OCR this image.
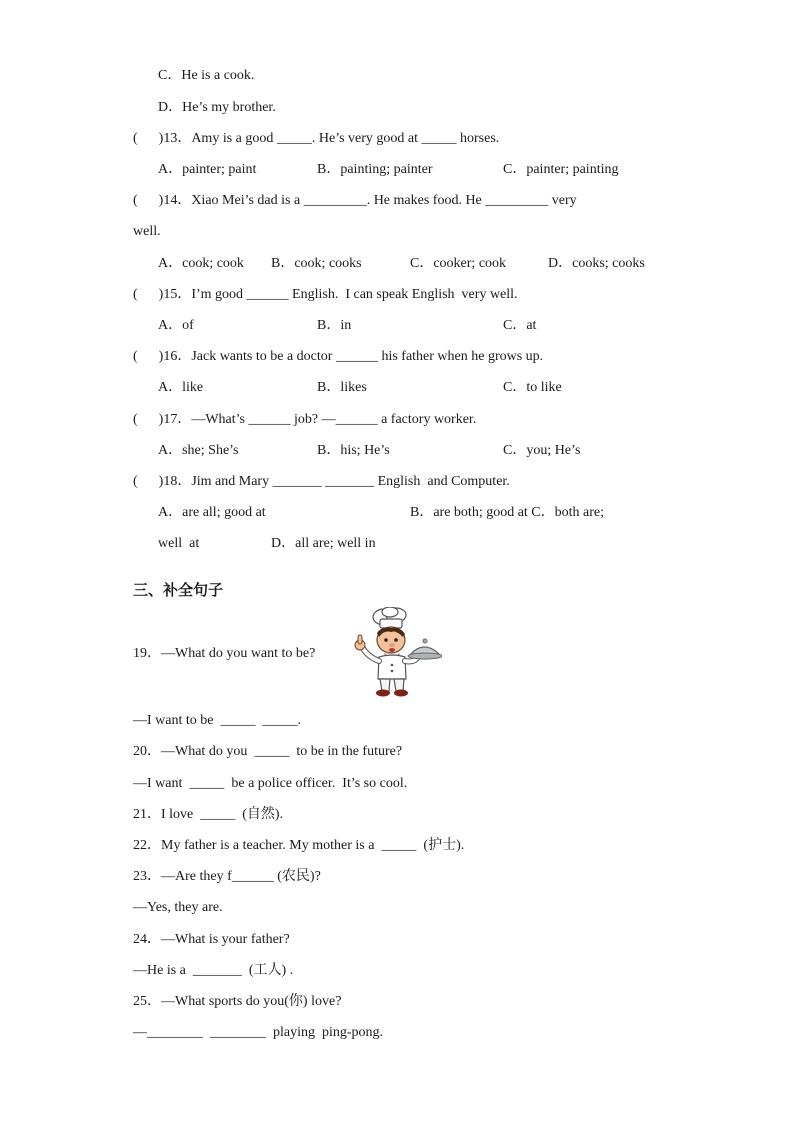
C．He is a cook.
D．He’s my brother.
(      )13．Amy is a good _____. He’s very good at _____ horses.
A．painter; paint	B．painting; painter	C．painter; painting
(      )14．Xiao Mei’s dad is a _________. He makes food. He _________ very
well.
A．cook; cook B．cook; cooks	C．cooker; cook	D．cooks; cooks
(      )15．I’m good ______ English.  I can speak English  very well.
A．of	B．in	C．at
(      )16．Jack wants to be a doctor ______ his father when he grows up.
A．like	B．likes	C．to like
(      )17．—What’s ______ job? —______ a factory worker.
A．she; She’s	B．his; He’s	C．you; He’s
(      )18．Jim and Mary _______ _______ English  and Computer.
A．are all; good at	B．are both; good at C．both are;
well  at	D．all are; well in
三、补全句子
19．—What do you want to be?
—I want to be  _____  _____.
20．—What do you  _____  to be in the future?
—I want  _____  be a police officer.  It’s so cool.
21．I love  _____  (自然).
22．My father is a teacher. My mother is a  _____  (护士).
23．—Are they f______ (农民)?
—Yes, they are.
24．—What is your father?
—He is a  _______  (工人) .
25．—What sports do you(你) love?
—________  ________  playing  ping-pong.
